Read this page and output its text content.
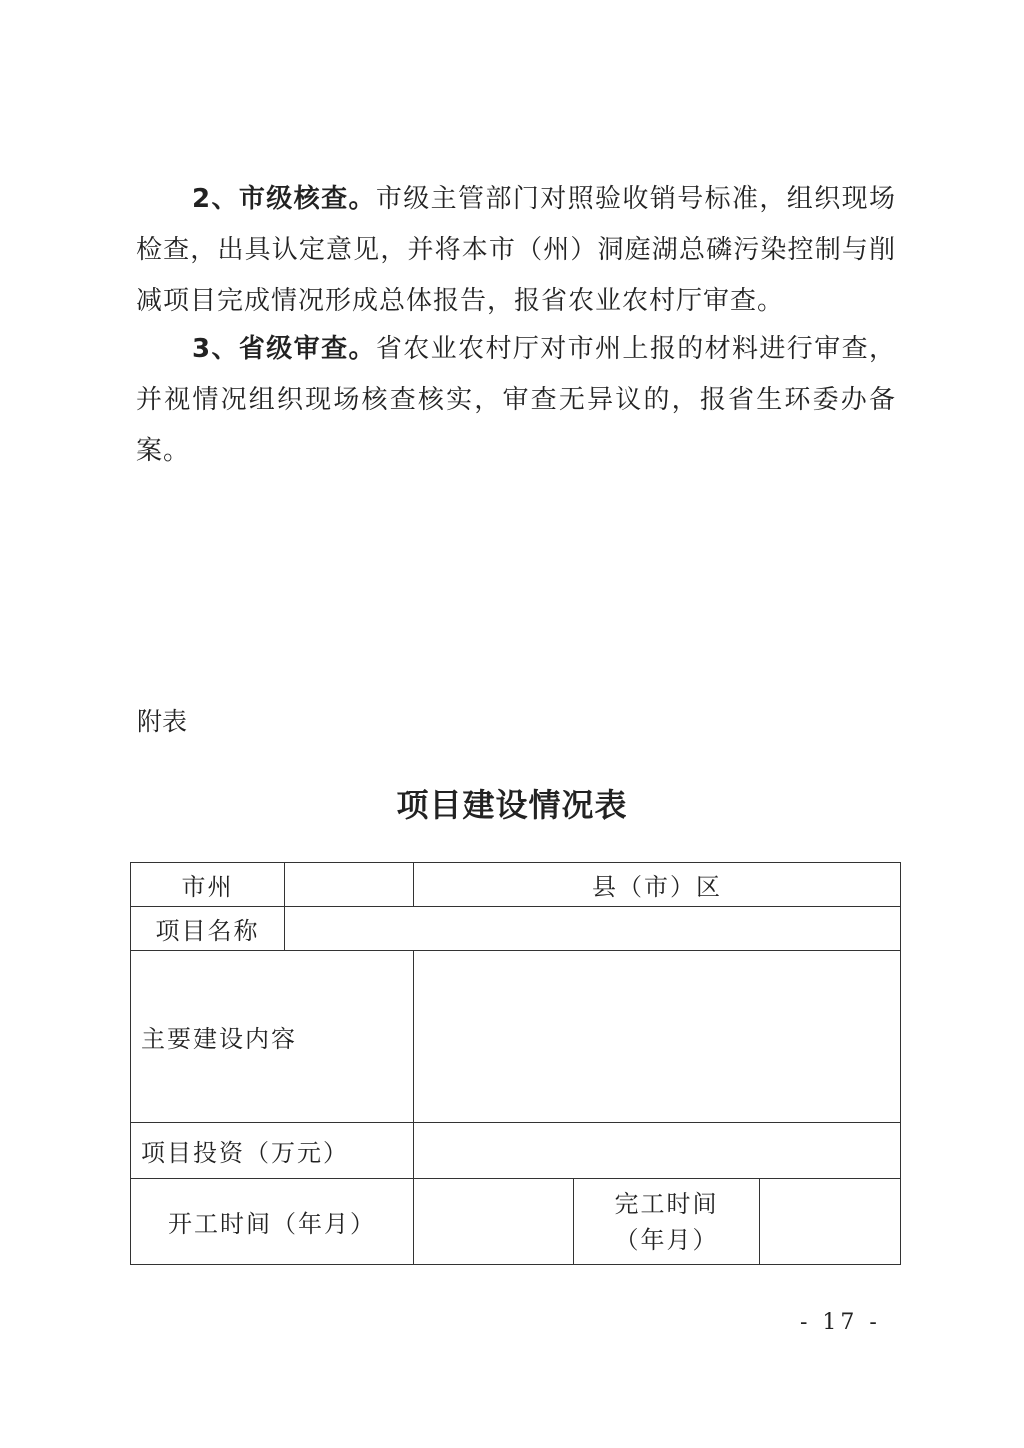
2、市级核查。市级主管部门对照验收销号标准，组织现场检查，出具认定意见，并将本市（州）洞庭湖总磷污染控制与削减项目完成情况形成总体报告，报省农业农村厅审查。

3、省级审查。省农业农村厅对市州上报的材料进行审查，并视情况组织现场核查核实，审查无异议的，报省生环委办备案。

附表
项目建设情况表
市州		县（市）区		
项目名称				
主要建设内容				
项目投资（万元）				
开工时间（年月）			完工时间
（年月）	

- 17 -
